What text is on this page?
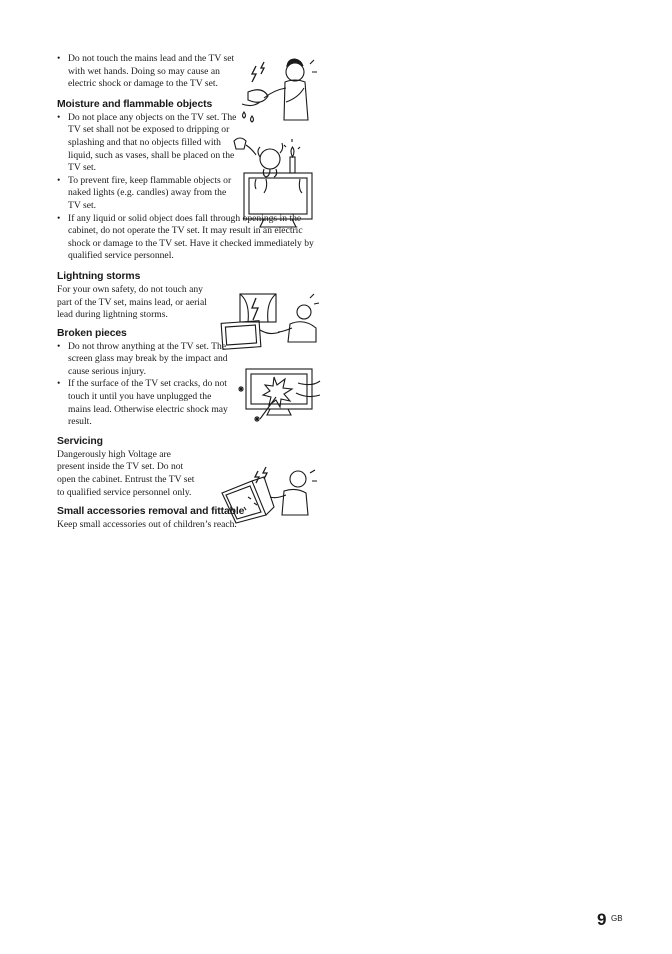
• Do not touch the mains lead and the TV set with wet hands. Doing so may cause an electric shock or damage to the TV set.

Moisture and flammable objects

• Do not place any objects on the TV set. The TV set shall not be exposed to dripping or splashing and that no objects filled with liquid, such as vases, shall be placed on the TV set.

• To prevent fire, keep flammable objects or naked lights (e.g. candles) away from the TV set.

• If any liquid or solid object does fall through openings in the cabinet, do not operate the TV set. It may result in an electric shock or damage to the TV set. Have it checked immediately by qualified service personnel.

Lightning storms

For your own safety, do not touch any part of the TV set, mains lead, or aerial lead during lightning storms.

Broken pieces

• Do not throw anything at the TV set. The screen glass may break by the impact and cause serious injury.

• If the surface of the TV set cracks, do not touch it until you have unplugged the mains lead. Otherwise electric shock may result.

Servicing

Dangerously high Voltage are present inside the TV set. Do not open the cabinet. Entrust the TV set to qualified service personnel only.

Small accessories removal and fittable

Keep small accessories out of children’s reach.

9 GB
